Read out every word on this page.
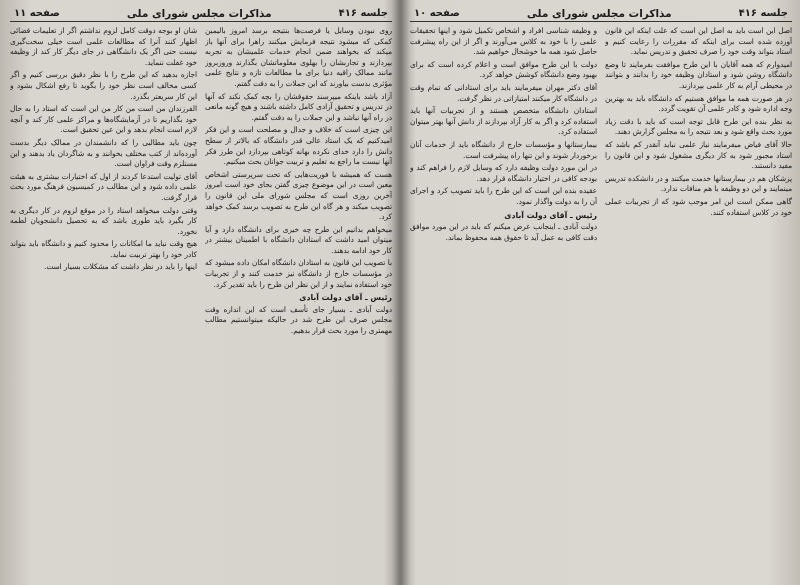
جلسه ۴۱۶
مذاکرات مجلس شورای ملی
صفحه ۱۱

روی نبودن وسایل یا فرصت‌ها بنتیجه برسد امروز بالیمین کمکی که میشود نتیجه فرمایش میکنند راهرا برای آنها باز میکند که بخواهند ضمن انجام خدمات علمیشان به تجربه بپردازند و تجاربشان را بهلوی معلوماتشان بگذارند وروزبروز مانند ممالک راقیه دنیا برای ما مطالعات تازه و نتایج علمی مؤثری بدست بیاورند که این جملات را به دقت گفتم.

آزاد باشد باینکه میپرسند حقوقشان را بچه کمک نکند که آنها در تدریس و تحقیق آزادی کامل داشته باشند و هیچ گونه مانعی در راه آنها نباشد و این جملات را به دقت گفتم.

این چیزی است که خلاف و جدال و مصلحت است و این فکر امیدکنیم که یک استاد عالی قدر دانشگاه که بالاتر از سطح دانش را دارد خدای نکرده بهانه کوتاهی بپردازد این طرز فکر آنها نیست ما راجع به تعلیم و تربیت جوانان بحث میکنیم.

هست که همیشه با فوریت‌هایی که تحت سرپرستی اشخاص معین است در این موضوع چیزی گفتن بجای خود است امروز آخرین روزی است که مجلس شورای ملی این قانون را تصویب میکند و هر گاه این طرح به تصویب برسد کمک خواهد کرد.

میخواهم بدانیم این طرح چه خیری برای دانشگاه دارد و آیا میتوان امید داشت که استادان دانشگاه با اطمینان بیشتر در کار خود ادامه بدهند.

با تصویب این قانون به استادان دانشگاه امکان داده میشود که در مؤسسات خارج از دانشگاه نیز خدمت کنند و از تجربیات خود استفاده نمایند و از این نظر این طرح را باید تقدیر کرد.

رئیس ـ آقای دولت آبادی

دولت آبادی ـ بسیار جای تأسف است که این اندازه وقت مجلس صرف این طرح شد در حالیکه میتوانستیم مطالب مهمتری را مورد بحث قرار بدهیم.

شان او بوجه دوقت کامل لزوم نداشتم اگر از تعلیمات قضائی اظهار کنند آنرا که مطالعات علمی است خیلی سخت‌گیری نیست حتی اگر یک دانشگاهی در جای دیگر کار کند از وظیفه خود غفلت ننماید.

اجازه بدهید که این طرح را با نظر دقیق بررسی کنیم و اگر کسی مخالف است نظر خود را بگوید تا رفع اشکال بشود و این کار سریعتر بگذرد.

الفرزندان من است من کار من این است که استاد را به حال خود بگذاریم تا در آزمایشگاه‌ها و مراکز علمی کار کند و آنچه لازم است انجام بدهد و این عین تحقیق است.

چون باید مطالبی را که دانشمندان در ممالک دیگر بدست آورده‌اند از کتب مختلف بخوانند و به شاگردان یاد بدهند و این مستلزم وقت فراوان است.

آقای تولیت استدعا کردند از اول که اختیارات بیشتری به هیئت علمی داده شود و این مطالب در کمیسیون فرهنگ مورد بحث قرار گرفت.

وقتی دولت میخواهد استاد را در موقع لزوم در کار دیگری به کار بگیرد باید طوری باشد که به تحصیل دانشجویان لطمه نخورد.

هیچ وقت نباید ما امکانات را محدود کنیم و دانشگاه باید بتواند کادر خود را بهتر تربیت نماید.

اینها را باید در نظر داشت که مشکلات بسیار است.

جلسه ۴۱۶
مذاکرات مجلس شورای ملی
صفحه ۱۰

اصل این است باید به اصل این است که علت اینکه این قانون آورده شده است برای اینکه که مقررات را رعایت کنیم و استاد بتواند وقت خود را صرف تحقیق و تدریس نماید.

امیدوارم که همه آقایان با این طرح موافقت بفرمایند تا وضع دانشگاه روشن شود و استادان وظیفه خود را بدانند و بتوانند در محیطی آرام به کار علمی بپردازند.

در هر صورت همه ما موافق هستیم که دانشگاه باید به بهترین وجه اداره شود و کادر علمی آن تقویت گردد.

به نظر بنده این طرح قابل توجه است که باید با دقت زیاد مورد بحث واقع شود و بعد نتیجه را به مجلس گزارش دهند.

حالا آقای فیاض میفرمایند نیاز علمی نباید آنقدر کم باشد که استاد مجبور شود به کار دیگری مشغول شود و این قانون را مفید دانستند.

پزشکان هم در بیمارستانها خدمت میکنند و در دانشکده تدریس مینمایند و این دو وظیفه با هم منافات ندارد.

گاهی ممکن است این امر موجب شود که از تجربیات عملی خود در کلاس استفاده کنند.

و وظیفه شناسی افراد و اشخاص تکمیل شود و اینها تحقیقات علمی را با خود به کلاس می‌آورند و اگر از این راه پیشرفت حاصل شود همه ما خوشحال خواهیم شد.

دولت با این طرح موافق است و اعلام کرده است که برای بهبود وضع دانشگاه کوشش خواهد کرد.

آقای دکتر مهران میفرمایند باید برای استادانی که تمام وقت در دانشگاه کار میکنند امتیازاتی در نظر گرفت.

استادان دانشگاه متخصص هستند و از تجربیات آنها باید استفاده کرد و اگر به کار آزاد بپردازند از دانش آنها بهتر میتوان استفاده کرد.

بیمارستانها و مؤسسات خارج از دانشگاه باید از خدمات آنان برخوردار شوند و این تنها راه پیشرفت است.

در این مورد دولت وظیفه دارد که وسایل لازم را فراهم کند و بودجه کافی در اختیار دانشگاه قرار دهد.

عقیده بنده این است که این طرح را باید تصویب کرد و اجرای آن را به دولت واگذار نمود.

رئیس ـ آقای دولت آبادی

دولت آبادی ـ اینجانب عرض میکنم که باید در این مورد موافق دقت کافی به عمل آید تا حقوق همه محفوظ بماند.
